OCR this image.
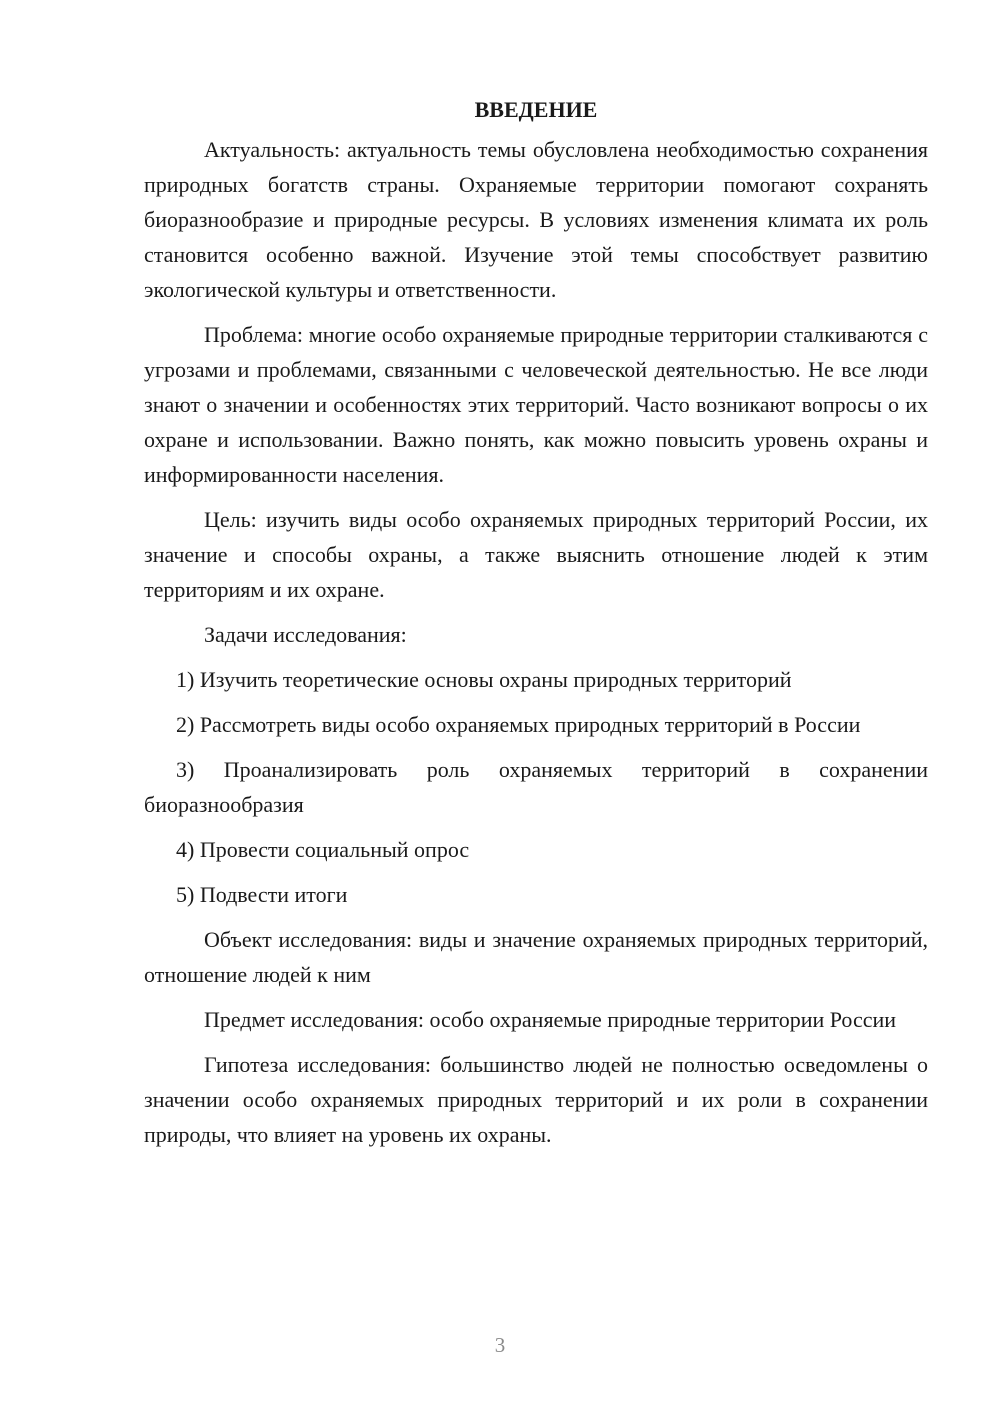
ВВЕДЕНИЕ

Актуальность: актуальность темы обусловлена необходимостью сохранения природных богатств страны. Охраняемые территории помогают сохранять биоразнообразие и природные ресурсы. В условиях изменения климата их роль становится особенно важной. Изучение этой темы способствует развитию экологической культуры и ответственности.

Проблема: многие особо охраняемые природные территории сталкиваются с угрозами и проблемами, связанными с человеческой деятельностью. Не все люди знают о значении и особенностях этих территорий. Часто возникают вопросы о их охране и использовании. Важно понять, как можно повысить уровень охраны и информированности населения.

Цель: изучить виды особо охраняемых природных территорий России, их значение и способы охраны, а также выяснить отношение людей к этим территориям и их охране.

Задачи исследования:

1) Изучить теоретические основы охраны природных территорий

2) Рассмотреть виды особо охраняемых природных территорий в России

3) Проанализировать роль охраняемых территорий в сохранении биоразнообразия

4) Провести социальный опрос

5) Подвести итоги

Объект исследования: виды и значение охраняемых природных территорий, отношение людей к ним

Предмет исследования: особо охраняемые природные территории России

Гипотеза исследования: большинство людей не полностью осведомлены о значении особо охраняемых природных территорий и их роли в сохранении природы, что влияет на уровень их охраны.

3
